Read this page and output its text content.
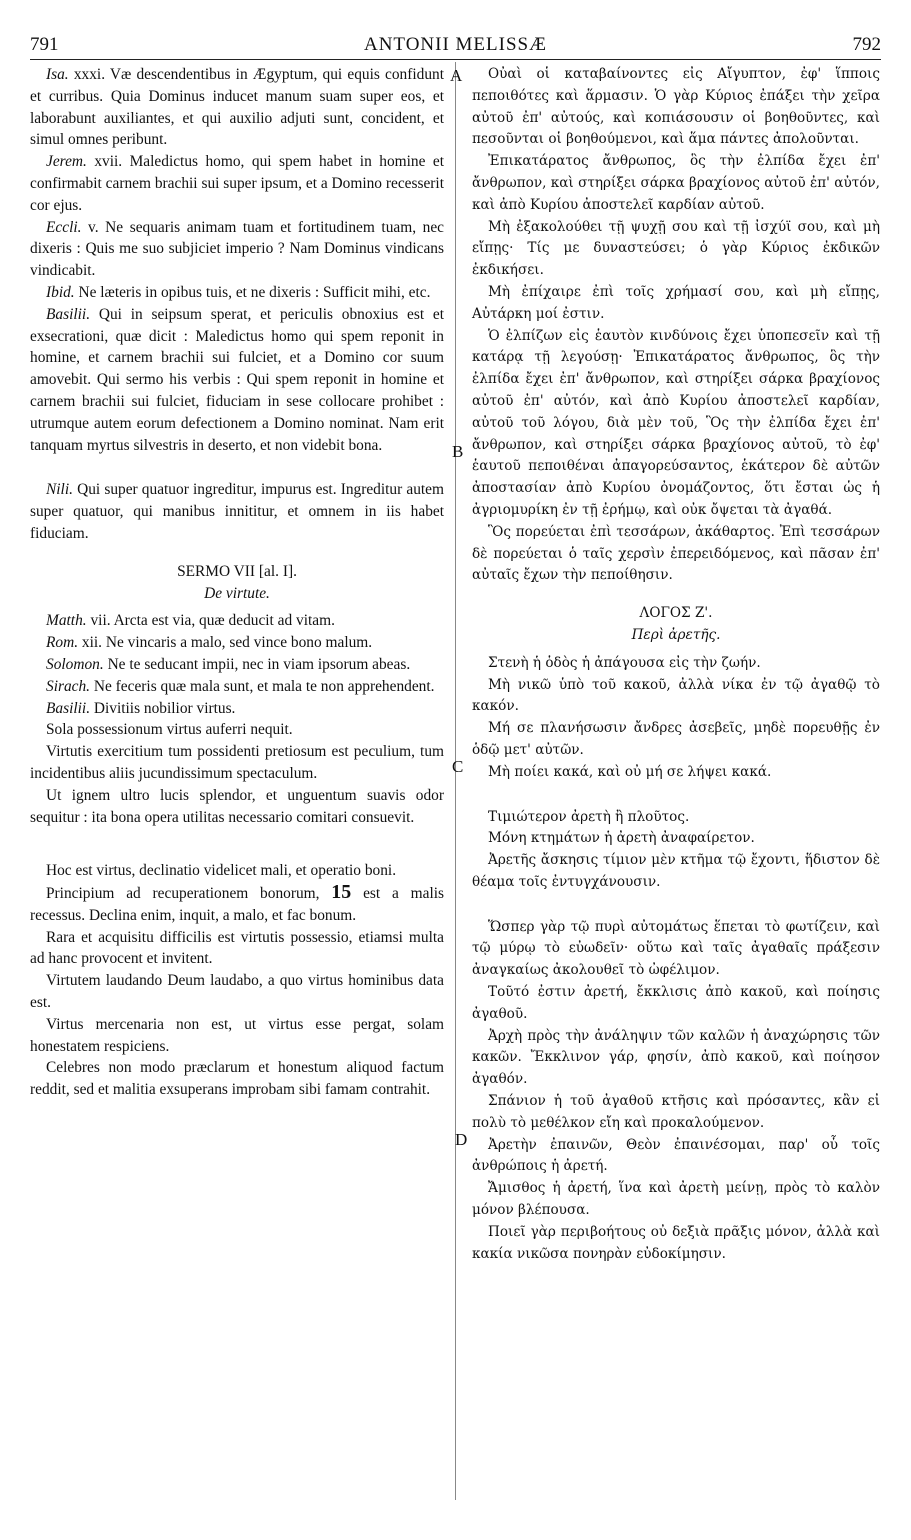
791	ANTONII MELISSÆ	792
A
B
C
D

Isa. xxxi. Væ descendentibus in Ægyptum, qui equis confidunt et curribus. Quia Dominus inducet manum suam super eos, et laborabunt auxiliantes, et qui auxilio adjuti sunt, concident, et simul omnes peribunt.

Jerem. xvii. Maledictus homo, qui spem habet in homine et confirmabit carnem brachii sui super ipsum, et a Domino recesserit cor ejus.

Eccli. v. Ne sequaris animam tuam et fortitudinem tuam, nec dixeris : Quis me suo subjiciet imperio ? Nam Dominus vindicans vindicabit.

Ibid. Ne læteris in opibus tuis, et ne dixeris : Sufficit mihi, etc.

Basilii. Qui in seipsum sperat, et periculis obnoxius est et exsecrationi, quæ dicit : Maledictus homo qui spem reponit in homine, et carnem brachii sui fulciet, et a Domino cor suum amovebit. Qui sermo his verbis : Qui spem reponit in homine et carnem brachii sui fulciet, fiduciam in sese collocare prohibet : utrumque autem eorum defectionem a Domino nominat. Nam erit tanquam myrtus silvestris in deserto, et non videbit bona.

Nili. Qui super quatuor ingreditur, impurus est. Ingreditur autem super quatuor, qui manibus innititur, et omnem in iis habet fiduciam.

SERMO VII [al. I].

De virtute.

Matth. vii. Arcta est via, quæ deducit ad vitam.

Rom. xii. Ne vincaris a malo, sed vince bono malum.

Solomon. Ne te seducant impii, nec in viam ipsorum abeas.

Sirach. Ne feceris quæ mala sunt, et mala te non apprehendent.

Basilii. Divitiis nobilior virtus.

Sola possessionum virtus auferri nequit.

Virtutis exercitium tum possidenti pretiosum est peculium, tum incidentibus aliis jucundissimum spectaculum.

Ut ignem ultro lucis splendor, et unguentum suavis odor sequitur : ita bona opera utilitas necessario comitari consuevit.

Hoc est virtus, declinatio videlicet mali, et operatio boni.

Principium ad recuperationem bonorum, 15 est a malis recessus. Declina enim, inquit, a malo, et fac bonum.

Rara et acquisitu difficilis est virtutis possessio, etiamsi multa ad hanc provocent et invitent.

Virtutem laudando Deum laudabo, a quo virtus hominibus data est.

Virtus mercenaria non est, ut virtus esse pergat, solam honestatem respiciens.

Celebres non modo præclarum et honestum aliquod factum reddit, sed et malitia exsuperans improbam sibi famam contrahit.

Οὐαὶ οἱ καταβαίνοντες εἰς Αἴγυπτον, ἐφ' ἵπποις πεποιθότες καὶ ἅρμασιν. Ὁ γὰρ Κύριος ἐπάξει τὴν χεῖρα αὐτοῦ ἐπ' αὐτούς, καὶ κοπιάσουσιν οἱ βοηθοῦντες, καὶ πεσοῦνται οἱ βοηθούμενοι, καὶ ἅμα πάντες ἀπολοῦνται.

Ἐπικατάρατος ἄνθρωπος, ὃς τὴν ἐλπίδα ἔχει ἐπ' ἄνθρωπον, καὶ στηρίξει σάρκα βραχίονος αὐτοῦ ἐπ' αὐτόν, καὶ ἀπὸ Κυρίου ἀποστελεῖ καρδίαν αὐτοῦ.

Μὴ ἐξακολούθει τῇ ψυχῇ σου καὶ τῇ ἰσχύϊ σου, καὶ μὴ εἴπῃς· Τίς με δυναστεύσει; ὁ γὰρ Κύριος ἐκδικῶν ἐκδικήσει.

Μὴ ἐπίχαιρε ἐπὶ τοῖς χρήμασί σου, καὶ μὴ εἴπῃς, Αὐτάρκη μοί ἐστιν.

Ὁ ἐλπίζων εἰς ἑαυτὸν κινδύνοις ἔχει ὑποπεσεῖν καὶ τῇ κατάρᾳ τῇ λεγούσῃ· Ἐπικατάρατος ἄνθρωπος, ὃς τὴν ἐλπίδα ἔχει ἐπ' ἄνθρωπον, καὶ στηρίξει σάρκα βραχίονος αὐτοῦ ἐπ' αὐτόν, καὶ ἀπὸ Κυρίου ἀποστελεῖ καρδίαν, αὐτοῦ τοῦ λόγου, διὰ μὲν τοῦ, Ὃς τὴν ἐλπίδα ἔχει ἐπ' ἄνθρωπον, καὶ στηρίξει σάρκα βραχίονος αὐτοῦ, τὸ ἐφ' ἑαυτοῦ πεποιθέναι ἀπαγορεύσαντος, ἑκάτερον δὲ αὐτῶν ἀποστασίαν ἀπὸ Κυρίου ὀνομάζοντος, ὅτι ἔσται ὡς ἡ ἀγριομυρίκη ἐν τῇ ἐρήμῳ, καὶ οὐκ ὄψεται τὰ ἀγαθά.

Ὃς πορεύεται ἐπὶ τεσσάρων, ἀκάθαρτος. Ἐπὶ τεσσάρων δὲ πορεύεται ὁ ταῖς χερσὶν ἐπερειδόμενος, καὶ πᾶσαν ἐπ' αὐταῖς ἔχων τὴν πεποίθησιν.

ΛΟΓΟΣ Ζ'.

Περὶ ἀρετῆς.

Στενὴ ἡ ὁδὸς ἡ ἀπάγουσα εἰς τὴν ζωήν.

Μὴ νικῶ ὑπὸ τοῦ κακοῦ, ἀλλὰ νίκα ἐν τῷ ἀγαθῷ τὸ κακόν.

Μή σε πλανήσωσιν ἄνδρες ἀσεβεῖς, μηδὲ πορευθῇς ἐν ὁδῷ μετ' αὐτῶν.

Μὴ ποίει κακά, καὶ οὐ μή σε λήψει κακά.

Τιμιώτερον ἀρετὴ ἢ πλοῦτος.

Μόνη κτημάτων ἡ ἀρετὴ ἀναφαίρετον.

Ἀρετῆς ἄσκησις τίμιον μὲν κτῆμα τῷ ἔχοντι, ἥδιστον δὲ θέαμα τοῖς ἐντυγχάνουσιν.

Ὥσπερ γὰρ τῷ πυρὶ αὐτομάτως ἕπεται τὸ φωτίζειν, καὶ τῷ μύρῳ τὸ εὐωδεῖν· οὕτω καὶ ταῖς ἀγαθαῖς πράξεσιν ἀναγκαίως ἀκολουθεῖ τὸ ὠφέλιμον.

Τοῦτό ἐστιν ἀρετή, ἔκκλισις ἀπὸ κακοῦ, καὶ ποίησις ἀγαθοῦ.

Ἀρχὴ πρὸς τὴν ἀνάληψιν τῶν καλῶν ἡ ἀναχώρησις τῶν κακῶν. Ἔκκλινον γάρ, φησίν, ἀπὸ κακοῦ, καὶ ποίησον ἀγαθόν.

Σπάνιον ἡ τοῦ ἀγαθοῦ κτῆσις καὶ πρόσαντες, κἂν εἰ πολὺ τὸ μεθέλκον εἴη καὶ προκαλούμενον.

Ἀρετὴν ἐπαινῶν, Θεὸν ἐπαινέσομαι, παρ' οὗ τοῖς ἀνθρώποις ἡ ἀρετή.

Ἄμισθος ἡ ἀρετή, ἵνα καὶ ἀρετὴ μείνῃ, πρὸς τὸ καλὸν μόνον βλέπουσα.

Ποιεῖ γὰρ περιβοήτους οὐ δεξιὰ πρᾶξις μόνον, ἀλλὰ καὶ κακία νικῶσα πονηρὰν εὐδοκίμησιν.
